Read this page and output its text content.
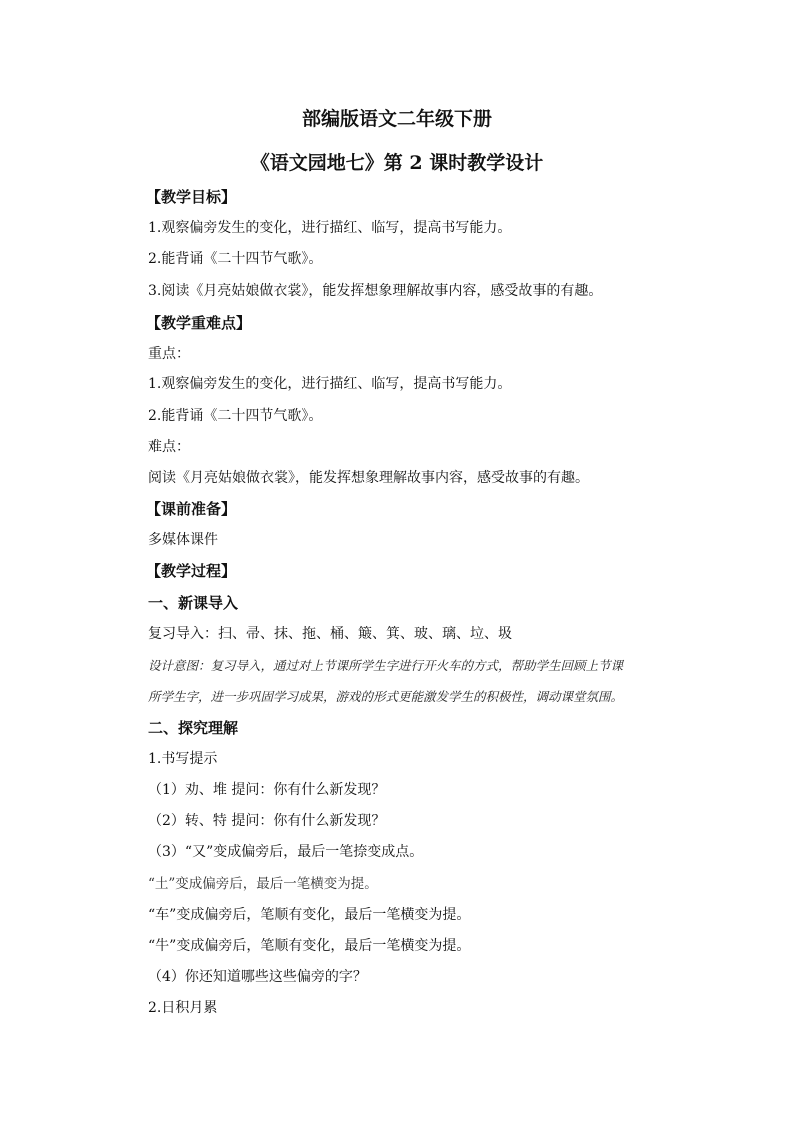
部编版语文二年级下册
《语文园地七》第 2 课时教学设计
【教学目标】
1.观察偏旁发生的变化，进行描红、临写，提高书写能力。
2.能背诵《二十四节气歌》。
3.阅读《月亮姑娘做衣裳》，能发挥想象理解故事内容，感受故事的有趣。
【教学重难点】
重点：
1.观察偏旁发生的变化，进行描红、临写，提高书写能力。
2.能背诵《二十四节气歌》。
难点：
阅读《月亮姑娘做衣裳》，能发挥想象理解故事内容，感受故事的有趣。
【课前准备】
多媒体课件
【教学过程】
一、新课导入
复习导入：扫、帚、抹、拖、桶、簸、箕、玻、璃、垃、圾
设计意图：复习导入，通过对上节课所学生字进行开火车的方式，帮助学生回顾上节课
所学生字，进一步巩固学习成果，游戏的形式更能激发学生的积极性，调动课堂氛围。
二、探究理解
1.书写提示
（1）劝、堆 提问：你有什么新发现？
（2）转、特 提问：你有什么新发现？
（3）“又”变成偏旁后，最后一笔捺变成点。
“土”变成偏旁后，最后一笔横变为提。
“车”变成偏旁后，笔顺有变化，最后一笔横变为提。
“牛”变成偏旁后，笔顺有变化，最后一笔横变为提。
（4）你还知道哪些这些偏旁的字？
2.日积月累
